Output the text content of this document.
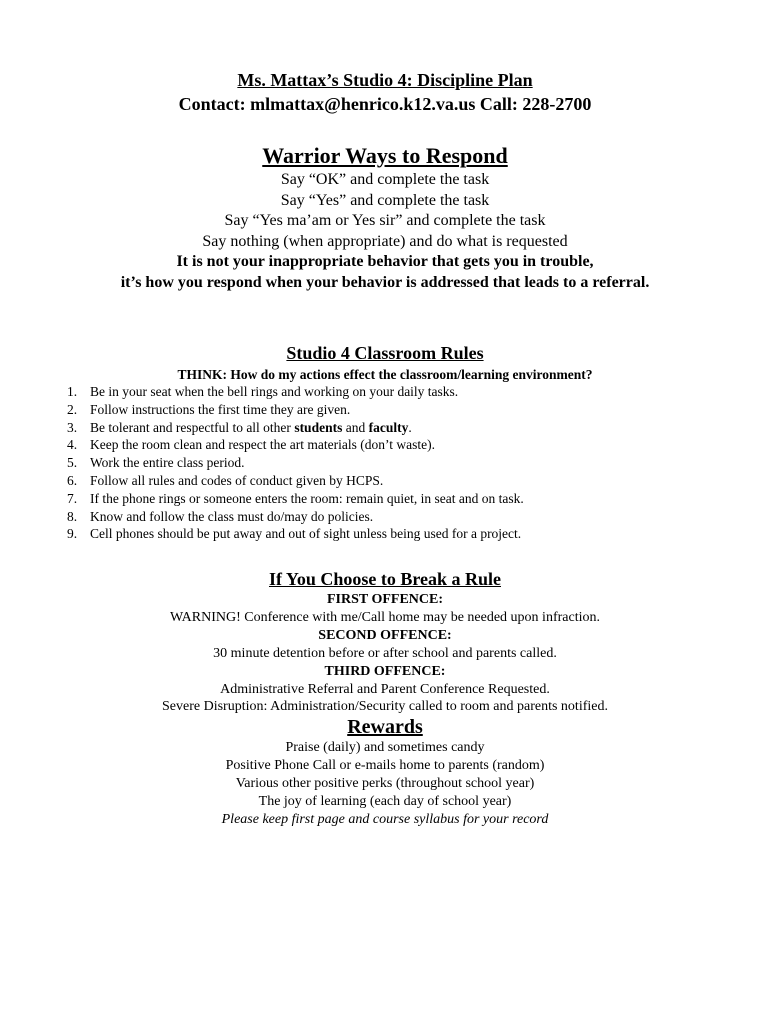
Ms. Mattax’s Studio 4: Discipline Plan
Contact: mlmattax@henrico.k12.va.us Call: 228-2700
Warrior Ways to Respond
Say “OK” and complete the task
Say “Yes” and complete the task
Say “Yes ma’am or Yes sir” and complete the task
Say nothing (when appropriate) and do what is requested
It is not your inappropriate behavior that gets you in trouble,
it’s how you respond when your behavior is addressed that leads to a referral.
Studio 4 Classroom Rules
THINK: How do my actions effect the classroom/learning environment?
1. Be in your seat when the bell rings and working on your daily tasks.
2. Follow instructions the first time they are given.
3. Be tolerant and respectful to all other students and faculty.
4. Keep the room clean and respect the art materials (don’t waste).
5. Work the entire class period.
6. Follow all rules and codes of conduct given by HCPS.
7. If the phone rings or someone enters the room: remain quiet, in seat and on task.
8. Know and follow the class must do/may do policies.
9. Cell phones should be put away and out of sight unless being used for a project.
If You Choose to Break a Rule
FIRST OFFENCE:
WARNING! Conference with me/Call home may be needed upon infraction.
SECOND OFFENCE:
30 minute detention before or after school and parents called.
THIRD OFFENCE:
Administrative Referral and Parent Conference Requested.
Severe Disruption: Administration/Security called to room and parents notified.
Rewards
Praise (daily) and sometimes candy
Positive Phone Call or e-mails home to parents (random)
Various other positive perks (throughout school year)
The joy of learning (each day of school year)
Please keep first page and course syllabus for your record
